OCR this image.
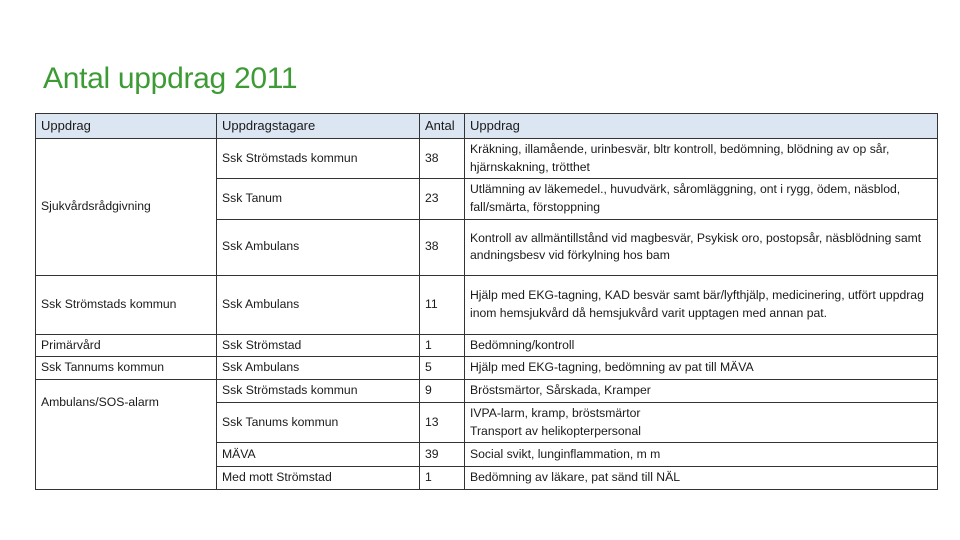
Antal uppdrag 2011
Uppdrag	Uppdragstagare	Antal	Uppdrag
Sjukvårdsrådgivning	Ssk Strömstads kommun	38	Kräkning, illamående, urinbesvär, bltr kontroll, bedömning, blödning av op sår, hjärnskakning, trötthet
	Ssk Tanum	23	Utlämning av läkemedel., huvudvärk, såromläggning, ont i rygg, ödem, näsblod, fall/smärta, förstoppning
	Ssk Ambulans	38	Kontroll av allmäntillstånd vid magbesvär, Psykisk oro, postopsår, näsblödning samt andningsbesv vid förkylning hos bam
Ssk Strömstads kommun	Ssk Ambulans	11	Hjälp med EKG-tagning, KAD besvär samt bär/lyfthjälp, medicinering, utfört uppdrag inom hemsjukvård då hemsjukvård varit upptagen med annan pat.
Primärvård	Ssk Strömstad	1	Bedömning/kontroll
Ssk Tannums kommun	Ssk Ambulans	5	Hjälp med EKG-tagning, bedömning av pat till MÄVA
Ambulans/SOS-alarm	Ssk Strömstads kommun	9	Bröstsmärtor, Sårskada, Kramper
	Ssk Tanums kommun	13	IVPA-larm, kramp, bröstsmärtor
Transport av helikopterpersonal
	MÄVA	39	Social svikt, lunginflammation, m m
	Med mott Strömstad	1	Bedömning av läkare, pat sänd till NÄL
